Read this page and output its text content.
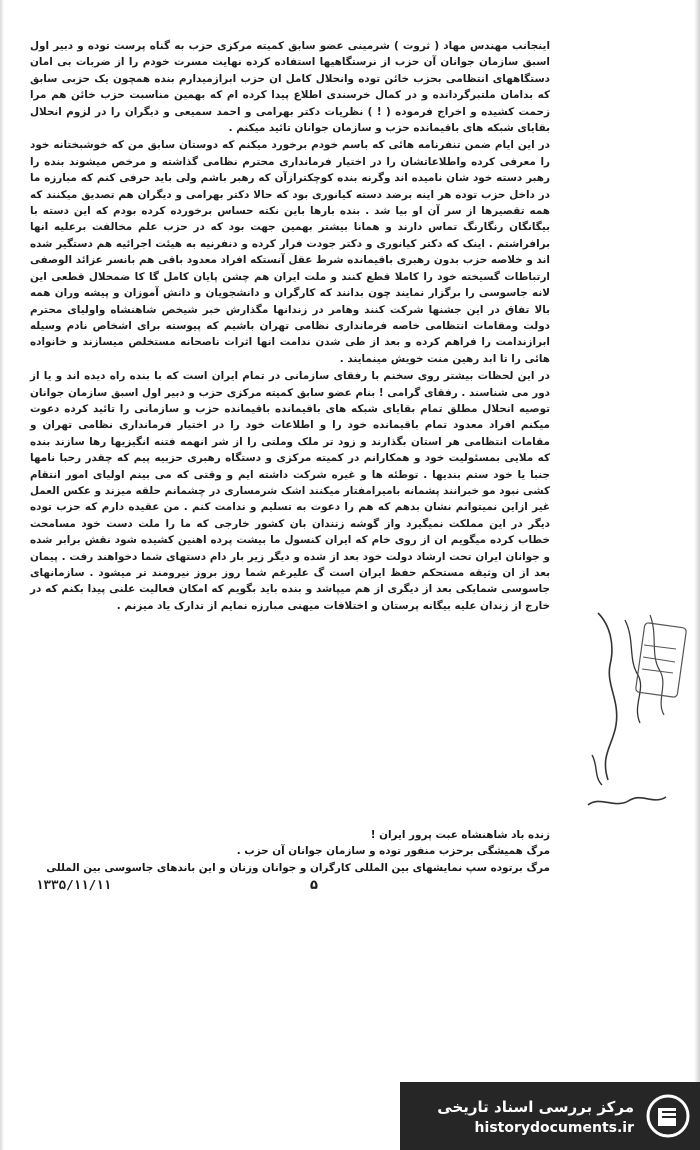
اینجانب مهندس مهاد ( ثروت ) شرمینی عضو سابق کمیته مرکزی حزب به گناه پرست توده و دبیر اول اسبق سازمان جوانان آن حزب از نرستگاهیها استفاده کرده نهایت مسرت خودم را از ضربات بی امان دستگاههای انتظامی بحزب خائن توده وانحلال کامل ان حزب ابرازمیدارم بنده همچون یک حزبی سابق که بدامان ملتبرگردانده و در کمال خرسندی اطلاع پیدا کرده ام که بهمین مناسبت حزب خائن هم مرا زحمت کشیده و اخراج فرموده ( ! ) نظریات دکتر بهرامی و احمد سمیعی و دیگران را در لزوم انحلال بقایای شبکه های باقیمانده حزب و سازمان جوانان تائید میکنم .

در این ایام ضمن تنفرنامه هائی که باسم خودم برخورد میکنم که دوستان سابق من که خوشبختانه خود را معرفی کرده واطلاعاتشان را در اختیار فرمانداری محترم نظامی گذاشته و مرخص میشوند بنده را رهبر دسته خود شان نامیده اند وگرنه بنده کوچکترازآن که رهبر باشم ولی باید حرفی کنم که مبارزه ما در داخل حزب توده هر اینه برضد دسته کیانوری بود که حالا دکتر بهرامی و دیگران هم تصدیق میکنند که همه تقصیرها از سر آن او بیا شد . بنده بارها باین نکته حساس برخورده کرده بودم که این دسته با بیگانگان رنگارنگ تماس دارند و همانا بیشتر بهمین جهت بود که در حزب علم مخالفت برعلیه انها برافراشتم . اینک که دکتر کیانوری و دکتر جودت فرار کرده و دنفرنیه به هیئت اجرائیه هم دستگیر شده اند و خلاصه حزب بدون رهبری باقیمانده شرط عقل آنستکه افراد معدود باقی هم بانسر عزائد الوصفی ارتباطات گسیخته خود را کاملا قطع کنند و ملت ایران هم چشن پایان کامل گا کا ضمحلال قطعی این لانه جاسوسی را برگزار نمایند چون بدانند که کارگران و دانشجویان و دانش آموزان و پیشه وران همه بالا تفاق در این جشنها شرکت کنند وهامر در زندانها مگذارش خبر شیخص شاهنشاه واولیای محترم دولت ومقامات انتظامی خاصه فرمانداری نظامی تهران باشیم که پیوسته برای اشخاص نادم وسیله ابرازندامت را فراهم کرده و بعد از طی شدن ندامت انها اثرات ناصحانه مستخلص میسازند و خانواده هائی را تا ابد رهین منت خویش مینمایند .

در این لحظات بیشتر روی سخنم با رفقای سازمانی در تمام ایران است که با بنده راه دیده اند و یا از دور می شناسند . رفقای گرامی ! بنام عضو سابق کمیته مرکزی حزب و دبیر اول اسبق سازمان جوانان توصیه انحلال مطلق تمام بقایای شبکه های باقیمانده باقیمانده حزب و سازمانی را تائید کرده دعوت میکنم افراد معدود تمام باقیمانده خود را و اطلاعات خود را در اختیار فرمانداری نظامی تهران و مقامات انتظامی هر استان بگذارند و زود تر ملک وملتی را از شر انهمه فتنه انگیزیها رها سازند بنده که ملایی بمسئولیت خود و همکارانم در کمیته مرکزی و دستگاه رهبری حزبیه پیم که چقدر رحبا نامها جنبا یا خود ستم بندیها . توطئه ها و غیره شرکت داشته ایم و وقتی که می بینم اولیای امور انتقام کشی نبود مو خبرانند پشمانه بامیرامفتار میکنند اشک شرمساری در چشمانم حلقه میزند و عکس العمل غیر ازاین نمیتوانم نشان بدهم که هم را دعوت به تسلیم و ندامت کنم . من عقیده دارم که حزب توده دیگر در این مملکت نمیگیرد واز گوشه زنندان بان کشور خارجی که ما را ملت دست خود مسامحت خطاب کرده میگویم ان از روی خام که ایران کنسول ما بیشت پرده اهنین کشیده شود نقش برابر شده و جوانان ایران تحت ارشاد دولت خود بعد از شده و دیگر زیر بار دام دستهای شما دخواهند رفت . پیمان بعد از ان وثیقه مستحکم حفظ ایران است گ علیرغم شما روز بروز نیرومند تر میشود . سازمانهای جاسوسی شمایکی بعد از دیگری از هم میپاشد و بنده باید بگویم که امکان فعالیت علنی پیدا بکنم که در خارج از زندان علیه بیگانه پرستان و اختلافات میهنی مبارزه نمایم از تدارک یاد میزنم .

زنده باد شاهنشاه عبت پرور ایران !
مرگ همیشگی برحزب منفور توده و سازمان جوانان آن حزب .
مرگ برتوده سپ نمایشهای بین المللی کارگران و جوانان وزنان و این باندهای جاسوسی بین المللی
۱۳۳۵/۱۱/۱۱	۵
مرکز بررسی اسناد تاریخی
historydocuments.ir
